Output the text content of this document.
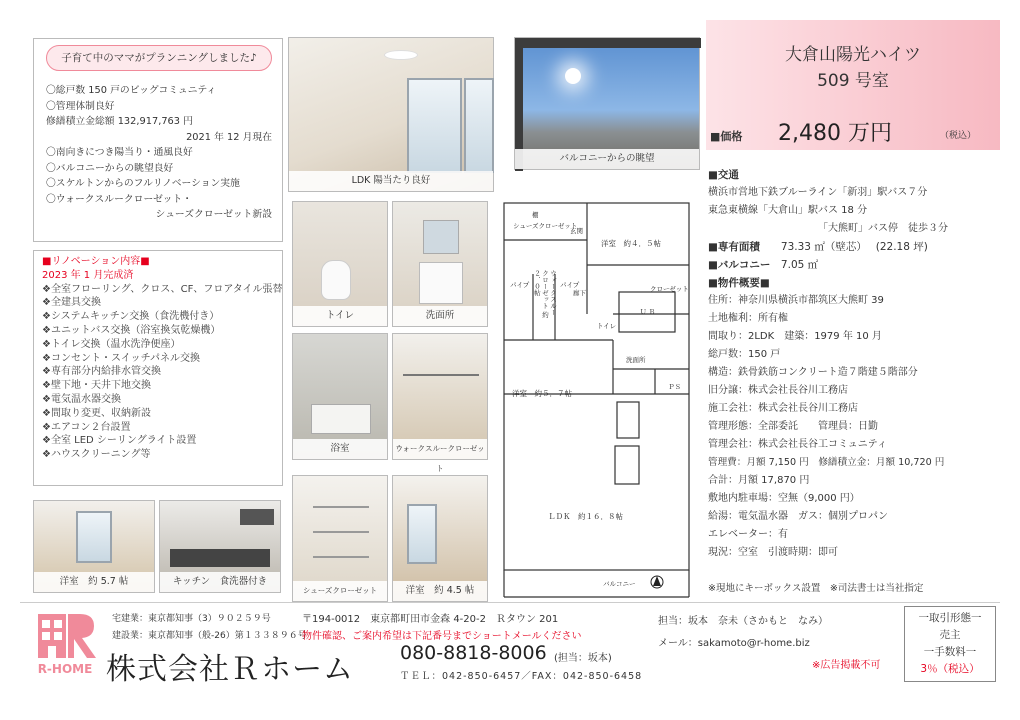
子育て中のママがプランニングしました♪
〇総戸数 150 戸のビッグコミュニティ
〇管理体制良好
修繕積立金総額 132,917,763 円
2021 年 12 月現在
〇南向きにつき陽当り・通風良好
〇バルコニーからの眺望良好
〇スケルトンからのフルリノベーション実施
〇ウォークスルークローゼット・
シューズクローゼット新設
■リノベーション内容■
2023 年 1 月完成済
❖全室フローリング、クロス、CF、フロアタイル張替
❖全建具交換
❖システムキッチン交換（食洗機付き）
❖ユニットバス交換（浴室換気乾燥機）
❖トイレ交換（温水洗浄便座）
❖コンセント・スイッチパネル交換
❖専有部分内給排水管交換
❖壁下地・天井下地交換
❖電気温水器交換
❖間取り変更、収納新設
❖エアコン２台設置
❖全室 LED シーリングライト設置
❖ハウスクリーニング等
LDK 陽当たり良好
バルコニーからの眺望
トイレ	洗面所
浴室	ウォークスルークローゼット
シューズクローゼット	洋室　約 4.5 帖
洋室　約 5.7 帖	キッチン　食洗器付き
洋室　約４．５帖
洋室　約５．７帖
ＬＤＫ　約１６．８帖
バルコニー
玄関
シューズクローゼット
棚
ウォークスルークローゼット 約２．０帖
パイプ	パイプ
廊下
トイレ
Ｕ Ｂ
洗面所
ＰＳ
クローゼット
大倉山陽光ハイツ
509 号室
■価格 2,480 万円	（税込）
■交通
横浜市営地下鉄ブルーライン「新羽」駅バス７分
東急東横線「大倉山」駅バス 18 分
「大熊町」バス停　徒歩３分
■専有面積　　 73.33 ㎡（壁芯）　 (22.18 坪)
■バルコニー　 7.05 ㎡
■物件概要■
住所：神奈川県横浜市都筑区大熊町 39
土地権利：所有権
間取り：2LDK　建築：1979 年 10 月
総戸数：150 戸
構造：鉄骨鉄筋コンクリート造７階建５階部分
旧分譲：株式会社長谷川工務店
施工会社：株式会社長谷川工務店
管理形態：全部委託　　管理員：日勤
管理会社：株式会社長谷工コミュニティ
管理費：月額 7,150 円　修繕積立金：月額 10,720 円
合計：月額 17,870 円
敷地内駐車場：空無（9,000 円）
給湯：電気温水器　ガス：個別プロパン
エレベーター：有
現況：空室　引渡時期：即可
※現地にキーボックス設置　※司法書士は当社指定
R-HOME
宅建業：東京都知事（3）９０２５９号
建設業：東京都知事（般-26）第１３３８９６号
〒194-0012　東京都町田市金森 4-20-2　Ｒタウン 201
物件確認、ご案内希望は下記番号までショートメールください
株式会社Ｒホーム 080-8818-8006 (担当：坂本)
ＴＥＬ：042-850-6457／FAX：042-850-6458
担当：坂本　奈未（さかもと　なみ）
メール：sakamoto@r-home.biz
※広告掲載不可
一取引形態一
売主
一手数料一
3％（税込）
